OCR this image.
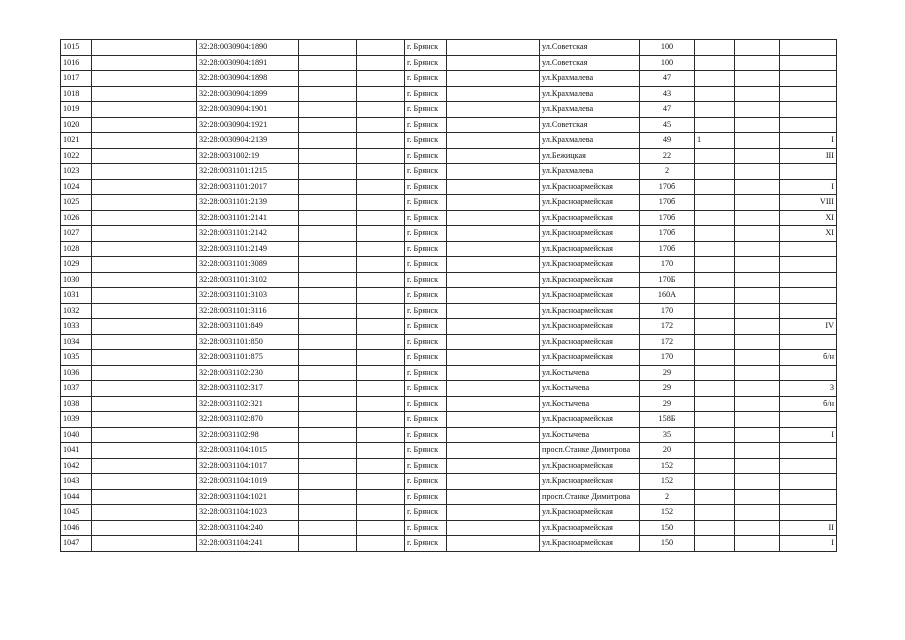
1015		32:28:0030904:1890			г. Брянск		ул.Советская	100			
1016		32:28:0030904:1891			г. Брянск		ул.Советская	100			
1017		32:28:0030904:1898			г. Брянск		ул.Крахмалева	47			
1018		32:28:0030904:1899			г. Брянск		ул.Крахмалева	43			
1019		32:28:0030904:1901			г. Брянск		ул.Крахмалева	47			
1020		32:28:0030904:1921			г. Брянск		ул.Советская	45			
1021		32:28:0030904:2139			г. Брянск		ул.Крахмалева	49	1		I
1022		32:28:0031002:19			г. Брянск		ул.Бежицкая	22			III
1023		32:28:0031101:1215			г. Брянск		ул.Крахмалева	2			
1024		32:28:0031101:2017			г. Брянск		ул.Красноармейская	170б			I
1025		32:28:0031101:2139			г. Брянск		ул.Красноармейская	170б			VIII
1026		32:28:0031101:2141			г. Брянск		ул.Красноармейская	170б			XI
1027		32:28:0031101:2142			г. Брянск		ул.Красноармейская	170б			XI
1028		32:28:0031101:2149			г. Брянск		ул.Красноармейская	170б			
1029		32:28:0031101:3089			г. Брянск		ул.Красноармейская	170			
1030		32:28:0031101:3102			г. Брянск		ул.Красноармейская	170Б			
1031		32:28:0031101:3103			г. Брянск		ул.Красноармейская	160А			
1032		32:28:0031101:3116			г. Брянск		ул.Красноармейская	170			
1033		32:28:0031101:849			г. Брянск		ул.Красноармейская	172			IV
1034		32:28:0031101:850			г. Брянск		ул.Красноармейская	172			
1035		32:28:0031101:875			г. Брянск		ул.Красноармейская	170			б/н
1036		32:28:0031102:230			г. Брянск		ул.Костычева	29			
1037		32:28:0031102:317			г. Брянск		ул.Костычева	29			3
1038		32:28:0031102:321			г. Брянск		ул.Костычева	29			б/н
1039		32:28:0031102:870			г. Брянск		ул.Красноармейская	158Б			
1040		32:28:0031102:98			г. Брянск		ул.Костычева	35			I
1041		32:28:0031104:1015			г. Брянск		просп.Станке Димитрова	20			
1042		32:28:0031104:1017			г. Брянск		ул.Красноармейская	152			
1043		32:28:0031104:1019			г. Брянск		ул.Красноармейская	152			
1044		32:28:0031104:1021			г. Брянск		просп.Станке Димитрова	2			
1045		32:28:0031104:1023			г. Брянск		ул.Красноармейская	152			
1046		32:28:0031104:240			г. Брянск		ул.Красноармейская	150			II
1047		32:28:0031104:241			г. Брянск		ул.Красноармейская	150			I
